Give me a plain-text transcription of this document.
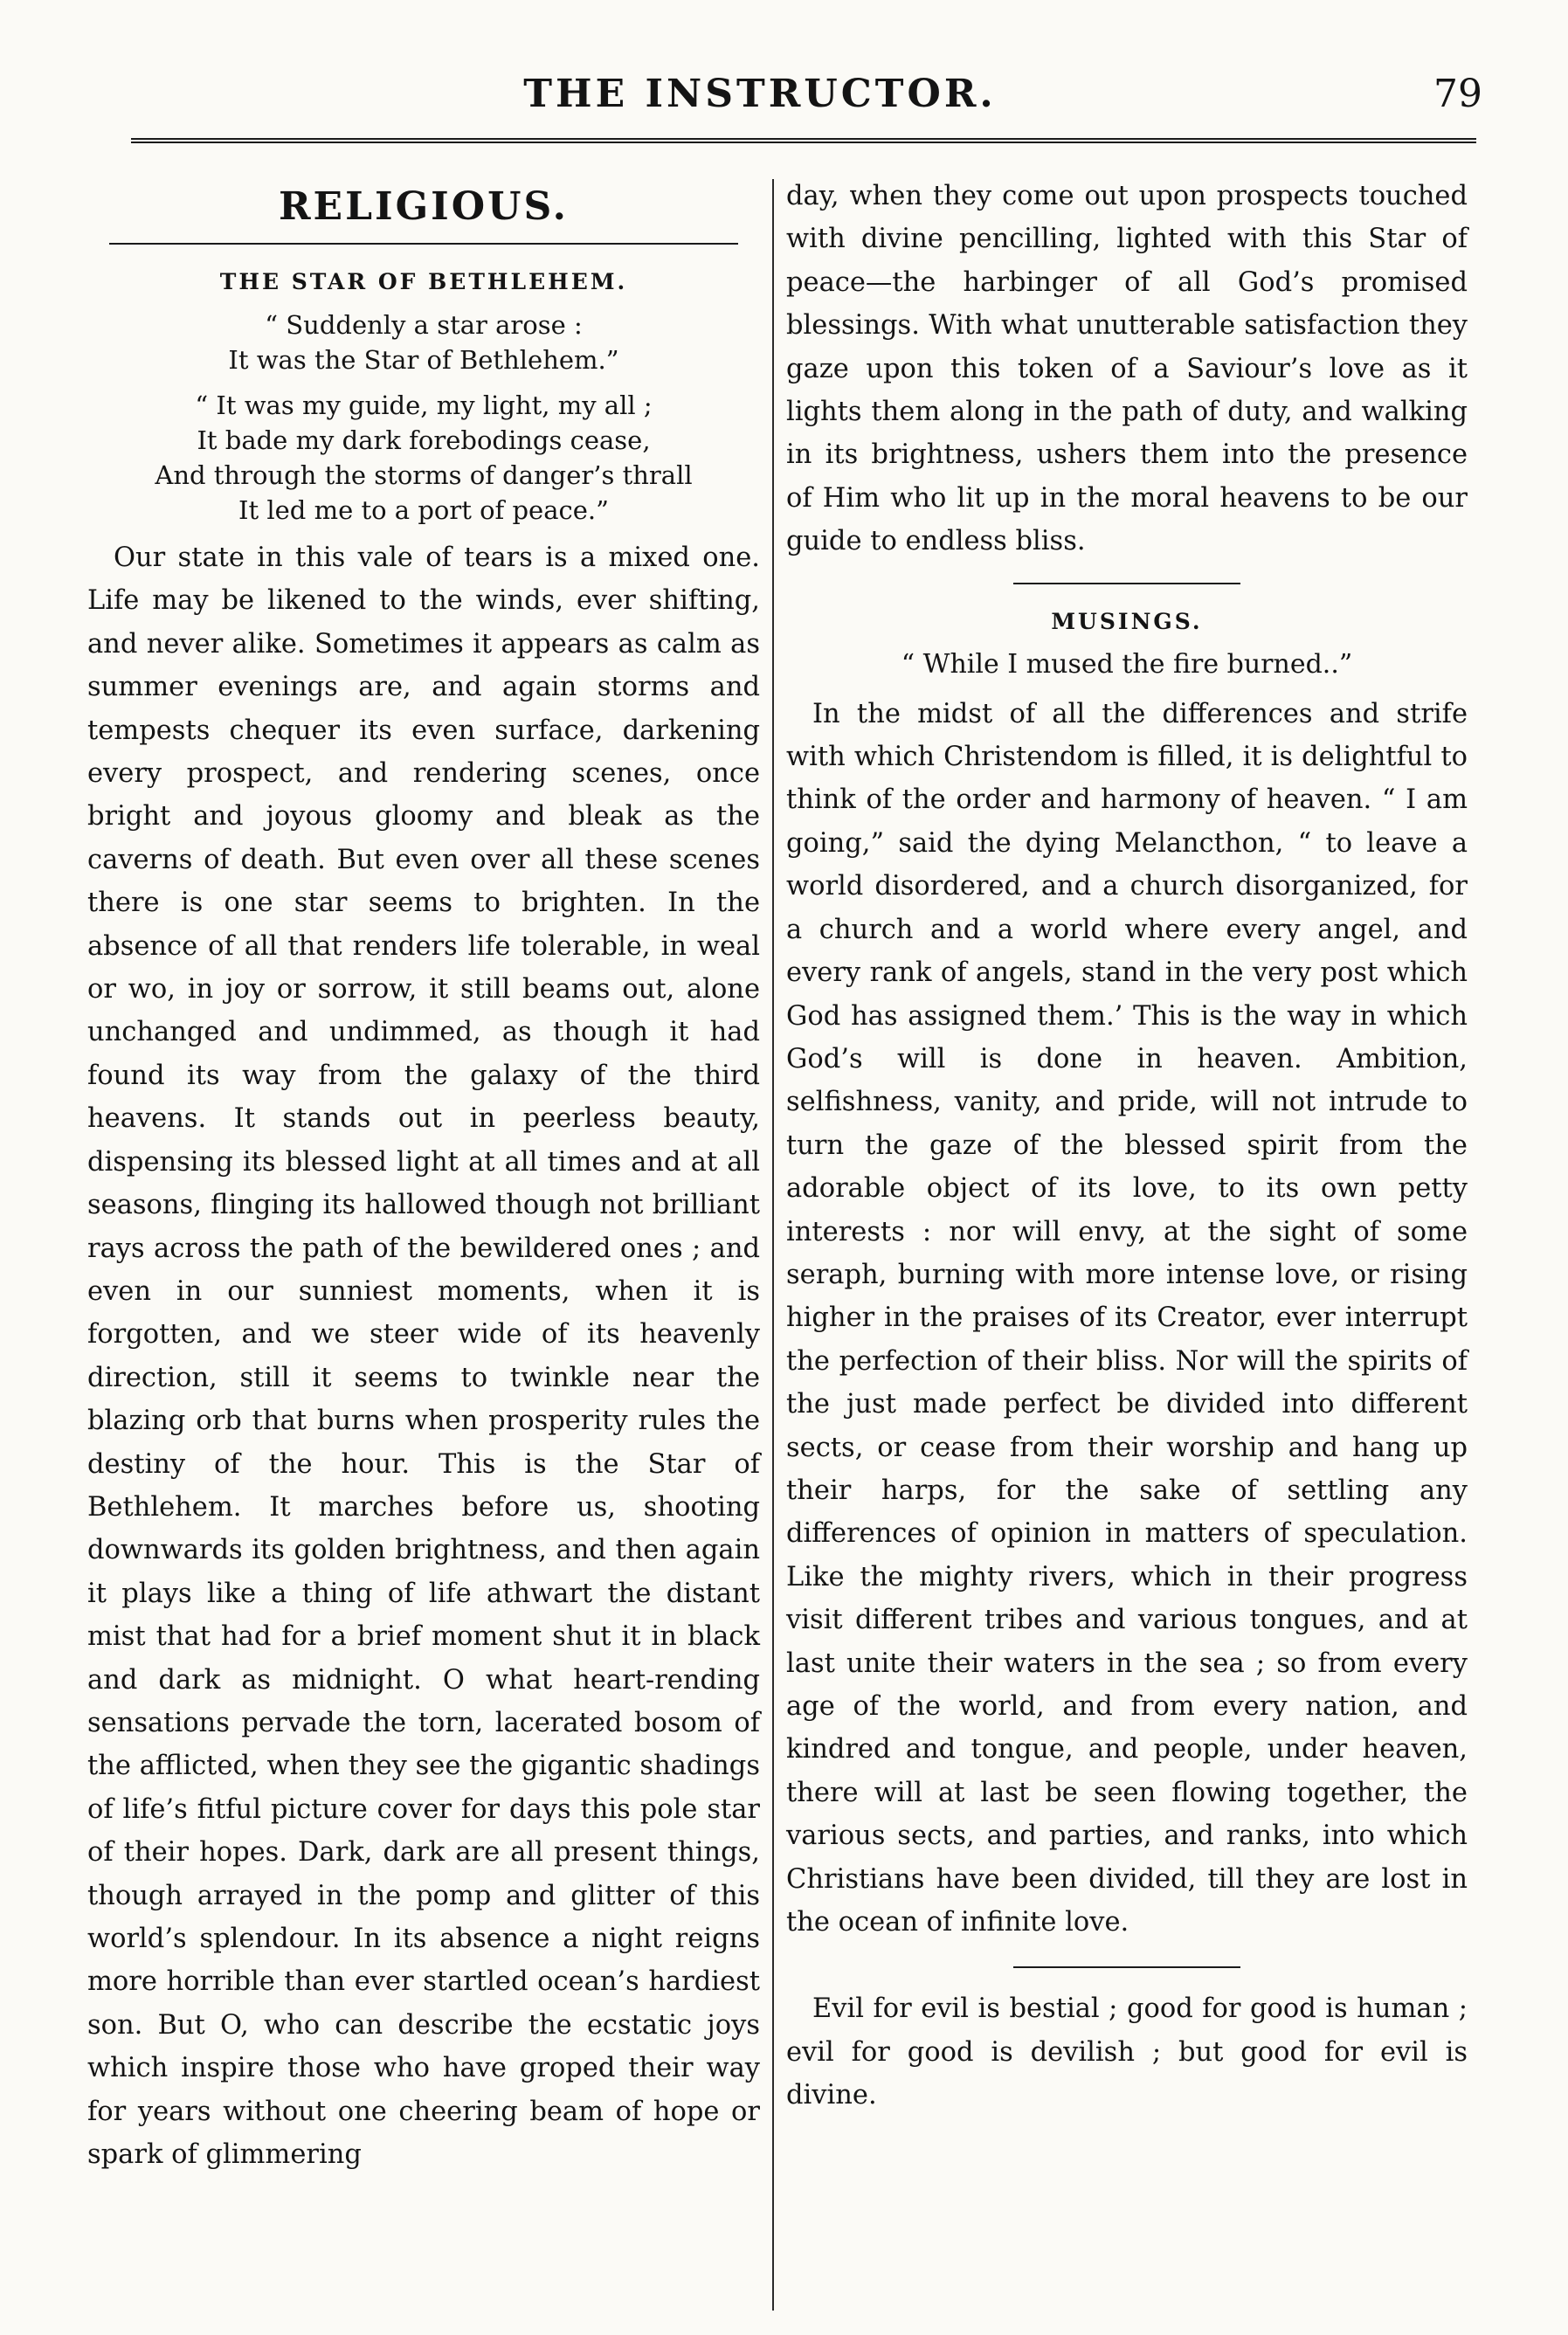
THE INSTRUCTOR.	79
RELIGIOUS.
THE STAR OF BETHLEHEM.
“ Suddenly a star arose :
It was the Star of Bethlehem.”
“ It was my guide, my light, my all ;
It bade my dark forebodings cease,
And through the storms of danger’s thrall
It led me to a port of peace.”

Our state in this vale of tears is a mixed one. Life may be likened to the winds, ever shifting, and never alike. Sometimes it appears as calm as summer evenings are, and again storms and tempests chequer its even surface, darkening every prospect, and rendering scenes, once bright and joyous gloomy and bleak as the caverns of death. But even over all these scenes there is one star seems to brighten. In the absence of all that renders life tolerable, in weal or wo, in joy or sorrow, it still beams out, alone unchanged and undimmed, as though it had found its way from the galaxy of the third heavens. It stands out in peerless beauty, dispensing its blessed light at all times and at all seasons, flinging its hallowed though not brilliant rays across the path of the bewildered ones ; and even in our sunniest moments, when it is forgotten, and we steer wide of its heavenly direction, still it seems to twinkle near the blazing orb that burns when prosperity rules the destiny of the hour. This is the Star of Bethlehem. It marches before us, shooting downwards its golden brightness, and then again it plays like a thing of life athwart the distant mist that had for a brief moment shut it in black and dark as midnight. O what heart-rending sensations pervade the torn, lacerated bosom of the afflicted, when they see the gigantic shadings of life’s fitful picture cover for days this pole star of their hopes. Dark, dark are all present things, though arrayed in the pomp and glitter of this world’s splendour. In its absence a night reigns more horrible than ever startled ocean’s hardiest son. But O, who can describe the ecstatic joys which inspire those who have groped their way for years without one cheering beam of hope or spark of glimmering

day, when they come out upon prospects touched with divine pencilling, lighted with this Star of peace—the harbinger of all God’s promised blessings. With what unutterable satisfaction they gaze upon this token of a Saviour’s love as it lights them along in the path of duty, and walking in its brightness, ushers them into the presence of Him who lit up in the moral heavens to be our guide to endless bliss.

MUSINGS.
“ While I mused the fire burned..”

In the midst of all the differences and strife with which Christendom is filled, it is delightful to think of the order and harmony of heaven. “ I am going,” said the dying Melancthon, “ to leave a world disordered, and a church disorganized, for a church and a world where every angel, and every rank of angels, stand in the very post which God has assigned them.’ This is the way in which God’s will is done in heaven. Ambition, selfishness, vanity, and pride, will not intrude to turn the gaze of the blessed spirit from the adorable object of its love, to its own petty interests : nor will envy, at the sight of some seraph, burning with more intense love, or rising higher in the praises of its Creator, ever interrupt the perfection of their bliss. Nor will the spirits of the just made perfect be divided into different sects, or cease from their worship and hang up their harps, for the sake of settling any differences of opinion in matters of speculation. Like the mighty rivers, which in their progress visit different tribes and various tongues, and at last unite their waters in the sea ; so from every age of the world, and from every nation, and kindred and tongue, and people, under heaven, there will at last be seen flowing together, the various sects, and parties, and ranks, into which Christians have been divided, till they are lost in the ocean of infinite love.

Evil for evil is bestial ; good for good is human ; evil for good is devilish ; but good for evil is divine.
